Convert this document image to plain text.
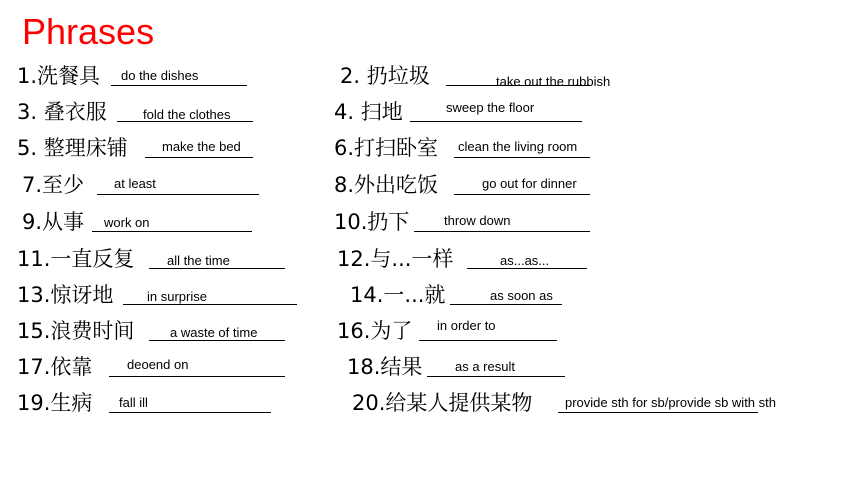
Phrases
1.洗餐具 do the dishes	2. 扔垃圾	take out the rubbish
3. 叠衣服	fold the clothes	4. 扫地	sweep the floor
5. 整理床铺	make the bed	6.打扫卧室 clean the living room
7.至少 at least	8.外出吃饭	go out for dinner
9.从事 work on	10.扔下	throw down
11.一直反复	all the time	12.与...一样	as...as...
13.惊讶地	in surprise	14.一...就	as soon as
15.浪费时间	a waste of time	16.为了 in order to
17.依靠	deoend on	18.结果	as a result
19.生病 fall ill	20.给某人提供某物	provide sth for sb/provide sb with sth
